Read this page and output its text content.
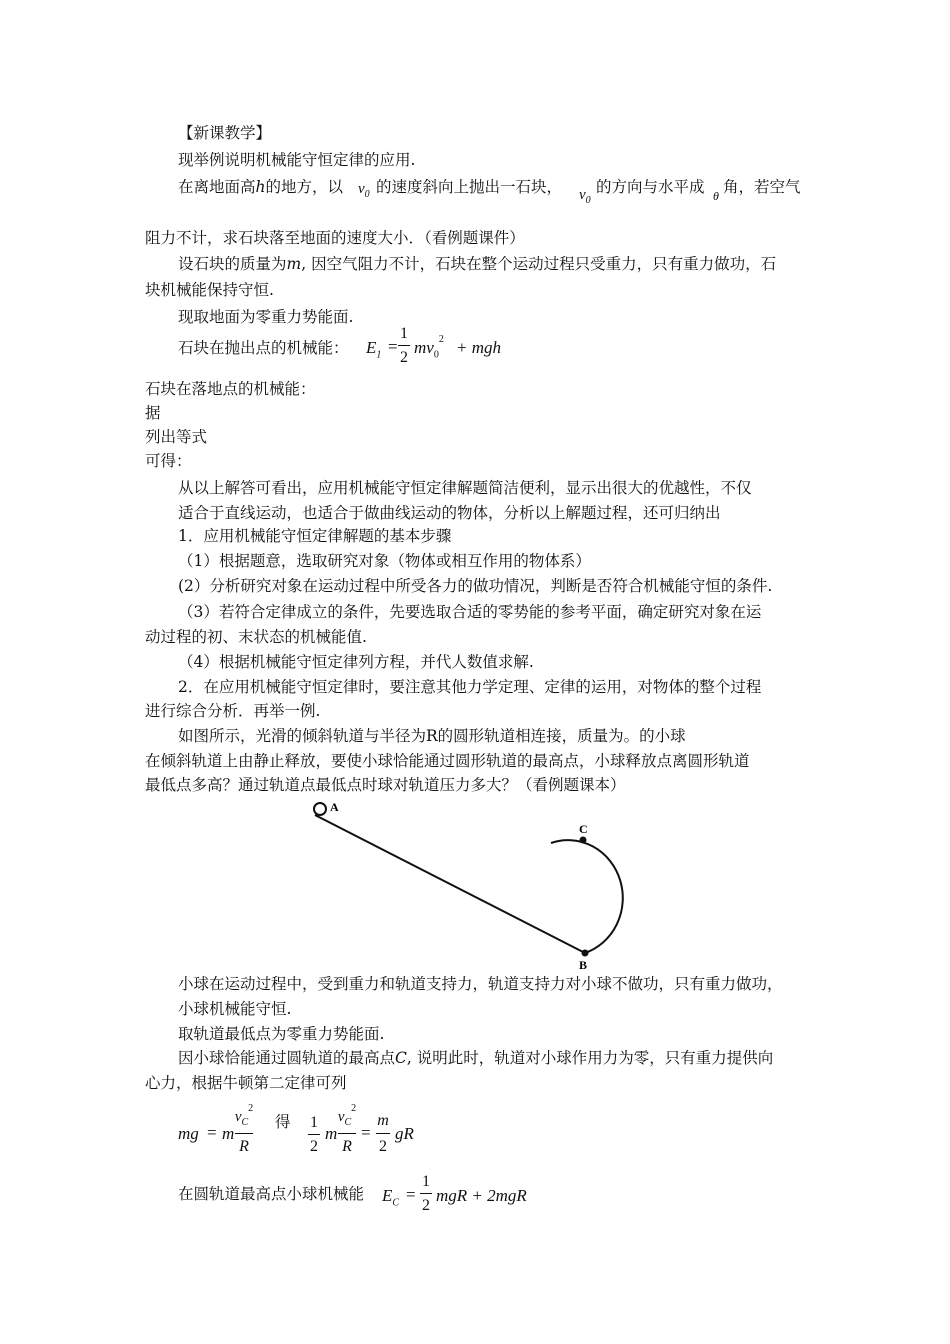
【新课教学】
现举例说明机械能守恒定律的应用.
在离地面高h的地方，以 $v_0$ 的速度斜向上抛出一石块， $v_0$
的方向与水平成 θ 角，若空气
阻力不计，求石块落至地面的速度大小．（看例题课件）
设石块的质量为m, 因空气阻力不计，石块在整个运动过程只受重力，只有重力做功，石
块机械能保持守恒.
现取地面为零重力势能面.
石块在抛出点的机械能： $E_1$ =
1
2
$mv_0^2$ + mgh
石块在落地点的机械能：
据
列出等式
可得：
从以上解答可看出，应用机械能守恒定律解题简洁便利，显示出很大的优越性，不仅
适合于直线运动，也适合于做曲线运动的物体，分析以上解题过程，还可归纳出
1．应用机械能守恒定律解题的基本步骤
（1）根据题意，选取研究对象（物体或相互作用的物体系）
(2）分析研究对象在运动过程中所受各力的做功情况，判断是否符合机械能守恒的条件.
（3）若符合定律成立的条件，先要选取合适的零势能的参考平面，确定研究对象在运
动过程的初、末状态的机械能值.
（4）根据机械能守恒定律列方程，并代人数值求解.
2．在应用机械能守恒定律时，要注意其他力学定理、定律的运用，对物体的整个过程
进行综合分析．再举一例.
如图所示，光滑的倾斜轨道与半径为R的圆形轨道相连接，质量为。的小球
在倾斜轨道上由静止释放，要使小球恰能通过圆形轨道的最高点，小球释放点离圆形轨道
最低点多高？通过轨道点最低点时球对轨道压力多大？（看例题课本）
A
B
C
小球在运动过程中，受到重力和轨道支持力，轨道支持力对小球不做功，只有重力做功，
小球机械能守恒.
取轨道最低点为零重力势能面.
因小球恰能通过圆轨道的最高点C, 说明此时，轨道对小球作用力为零，只有重力提供向
心力，根据牛顿第二定律可列
mg = m
$v_C^2$
R
得 1
2
m
$v_C^2$
R
=
m
2
gR
在圆轨道最高点小球机械能 $E_C$ =
1
2
mgR + 2mgR
